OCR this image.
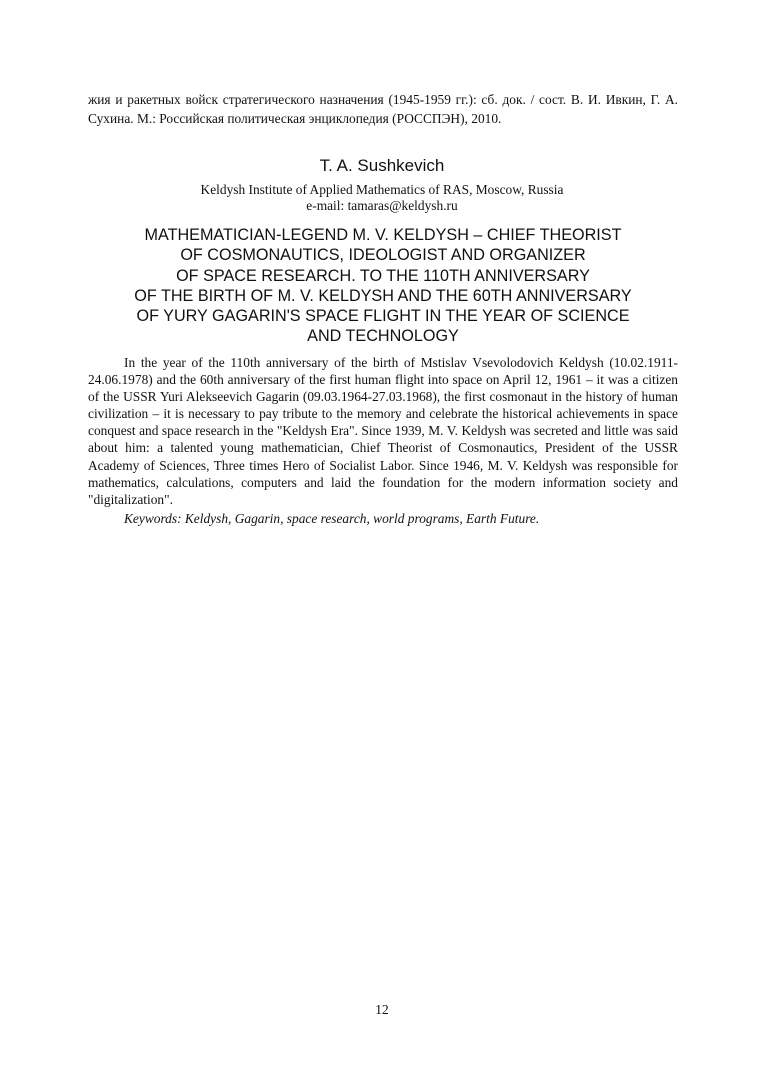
жия и ракетных войск стратегического назначения (1945-1959 гг.): сб. док. / сост. В. И. Ивкин, Г. А. Сухина. М.: Российская политическая энциклопедия (РОССПЭН), 2010.

T. A. Sushkevich

Keldysh Institute of Applied Mathematics of RAS, Moscow, Russia
e-mail: tamaras@keldysh.ru
MATHEMATICIAN-LEGEND M. V. KELDYSH – CHIEF THEORIST
OF COSMONAUTICS, IDEOLOGIST AND ORGANIZER
OF SPACE RESEARCH. TO THE 110TH ANNIVERSARY
OF THE BIRTH OF M. V. KELDYSH AND THE 60TH ANNIVERSARY
OF YURY GAGARIN'S SPACE FLIGHT IN THE YEAR OF SCIENCE
AND TECHNOLOGY

In the year of the 110th anniversary of the birth of Mstislav Vsevolodovich Keldysh (10.02.1911-24.06.1978) and the 60th anniversary of the first human flight into space on April 12, 1961 – it was a citizen of the USSR Yuri Alekseevich Gagarin (09.03.1964-27.03.1968), the first cosmonaut in the history of human civilization – it is necessary to pay tribute to the memory and celebrate the historical achievements in space conquest and space research in the "Keldysh Era". Since 1939, M. V. Keldysh was secreted and little was said about him: a talented young mathematician, Chief Theorist of Cosmonautics, President of the USSR Academy of Sciences, Three times Hero of Socialist Labor. Since 1946, M. V. Keldysh was responsible for mathematics, calculations, computers and laid the foundation for the modern information society and "digitalization".

Keywords: Keldysh, Gagarin, space research, world programs, Earth Future.

12
